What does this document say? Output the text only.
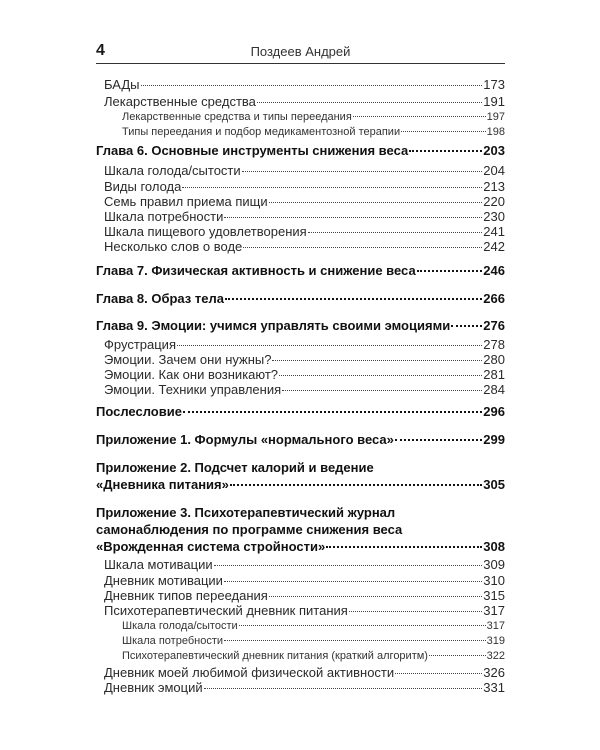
4	Поздеев Андрей
БАДы	173
Лекарственные средства	191
Лекарственные средства и типы переедания	197
Типы переедания и подбор медикаментозной терапии	198
Глава 6. Основные инструменты снижения веса	203
Шкала голода/сытости	204
Виды голода	213
Семь правил приема пищи	220
Шкала потребности	230
Шкала пищевого удовлетворения	241
Несколько слов о воде	242
Глава 7. Физическая активность и снижение веса	246
Глава 8. Образ тела	266
Глава 9. Эмоции: учимся управлять своими эмоциями	276
Фрустрация	278
Эмоции. Зачем они нужны?	280
Эмоции. Как они возникают?	281
Эмоции. Техники управления	284
Послесловие	296
Приложение 1. Формулы «нормального веса»	299
Приложение 2. Подсчет калорий и ведение
«Дневника питания»	305
Приложение 3. Психотерапевтический журнал
самонаблюдения по программе снижения веса
«Врожденная система стройности»	308
Шкала мотивации	309
Дневник мотивации	310
Дневник типов переедания	315
Психотерапевтический дневник питания	317
Шкала голода/сытости	317
Шкала потребности	319
Психотерапевтический дневник питания (краткий алгоритм)	322
Дневник моей любимой физической активности	326
Дневник эмоций	331
